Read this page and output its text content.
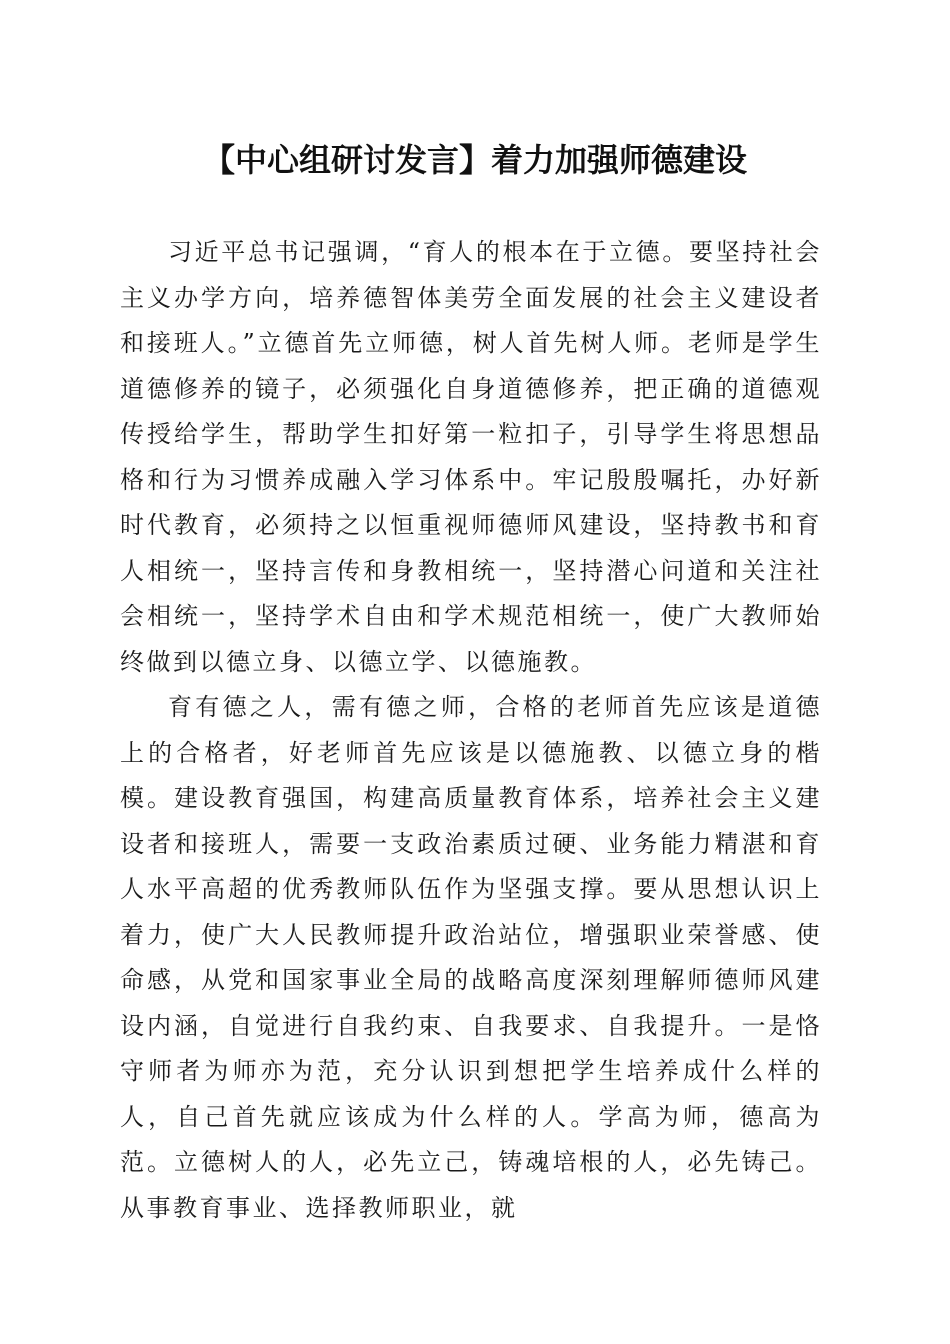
【中心组研讨发言】着力加强师德建设

习近平总书记强调，“育人的根本在于立德。要坚持社会主义办学方向，培养德智体美劳全面发展的社会主义建设者和接班人。”立德首先立师德，树人首先树人师。老师是学生道德修养的镜子，必须强化自身道德修养，把正确的道德观传授给学生，帮助学生扣好第一粒扣子，引导学生将思想品格和行为习惯养成融入学习体系中。牢记殷殷嘱托，办好新时代教育，必须持之以恒重视师德师风建设，坚持教书和育人相统一，坚持言传和身教相统一，坚持潜心问道和关注社会相统一，坚持学术自由和学术规范相统一，使广大教师始终做到以德立身、以德立学、以德施教。

育有德之人，需有德之师，合格的老师首先应该是道德上的合格者，好老师首先应该是以德施教、以德立身的楷模。建设教育强国，构建高质量教育体系，培养社会主义建设者和接班人，需要一支政治素质过硬、业务能力精湛和育人水平高超的优秀教师队伍作为坚强支撑。要从思想认识上着力，使广大人民教师提升政治站位，增强职业荣誉感、使命感，从党和国家事业全局的战略高度深刻理解师德师风建设内涵，自觉进行自我约束、自我要求、自我提升。一是恪守师者为师亦为范，充分认识到想把学生培养成什么样的人，自己首先就应该成为什么样的人。学高为师，德高为范。立德树人的人，必先立己，铸魂培根的人，必先铸己。从事教育事业、选择教师职业，就
